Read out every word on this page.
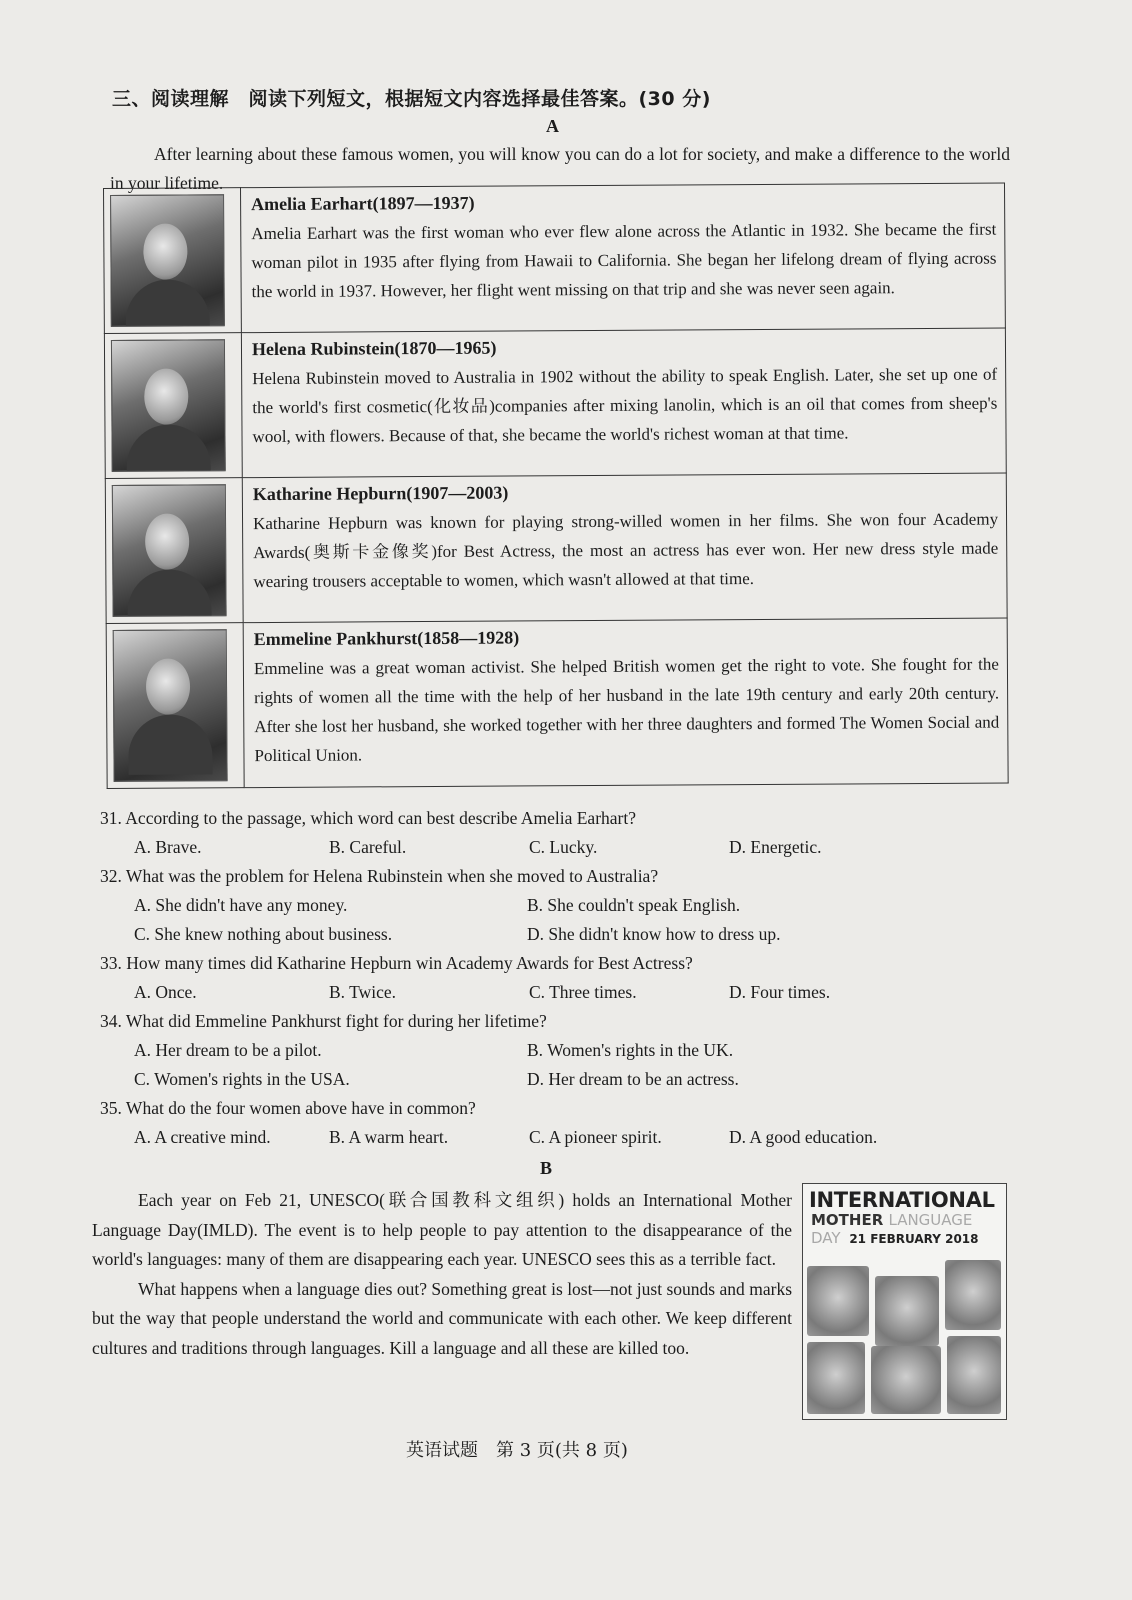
三、阅读理解　阅读下列短文，根据短文内容选择最佳答案。(30 分)
A
After learning about these famous women, you will know you can do a lot for society, and make a difference to the world in your lifetime.

	Amelia Earhart(1897—1937)
Amelia Earhart was the first woman who ever flew alone across the Atlantic in 1932. She became the first woman pilot in 1935 after flying from Hawaii to California. She began her lifelong dream of flying across the world in 1937. However, her flight went missing on that trip and she was never seen again.

	Helena Rubinstein(1870—1965)
Helena Rubinstein moved to Australia in 1902 without the ability to speak English. Later, she set up one of the world's first cosmetic(化妆品)companies after mixing lanolin, which is an oil that comes from sheep's wool, with flowers. Because of that, she became the world's richest woman at that time.

	Katharine Hepburn(1907—2003)
Katharine Hepburn was known for playing strong-willed women in her films. She won four Academy Awards(奥斯卡金像奖)for Best Actress, the most an actress has ever won. Her new dress style made wearing trousers acceptable to women, which wasn't allowed at that time.

	Emmeline Pankhurst(1858—1928)
Emmeline was a great woman activist. She helped British women get the right to vote. She fought for the rights of women all the time with the help of her husband in the late 19th century and early 20th century. After she lost her husband, she worked together with her three daughters and formed The Women Social and Political Union.

31. According to the passage, which word can best describe Amelia Earhart?

A. Brave.	B. Careful.	C. Lucky.	D. Energetic.

32. What was the problem for Helena Rubinstein when she moved to Australia?

A. She didn't have any money.	B. She couldn't speak English.
C. She knew nothing about business.	D. She didn't know how to dress up.

33. How many times did Katharine Hepburn win Academy Awards for Best Actress?

A. Once.	B. Twice.	C. Three times.	D. Four times.

34. What did Emmeline Pankhurst fight for during her lifetime?

A. Her dream to be a pilot.	B. Women's rights in the UK.
C. Women's rights in the USA.	D. Her dream to be an actress.

35. What do the four women above have in common?

A. A creative mind.	B. A warm heart.	C. A pioneer spirit.	D. A good education.
B

Each year on Feb 21, UNESCO(联合国教科文组织) holds an International Mother Language Day(IMLD). The event is to help people to pay attention to the disappearance of the world's languages: many of them are disappearing each year. UNESCO sees this as a terrible fact.

What happens when a language dies out? Something great is lost—not just sounds and marks but the way that people understand the world and communicate with each other. We keep different cultures and traditions through languages. Kill a language and all these are killed too.

INTERNATIONAL
MOTHER LANGUAGE
DAY 21 FEBRUARY 2018
英语试题　第 3 页(共 8 页)
